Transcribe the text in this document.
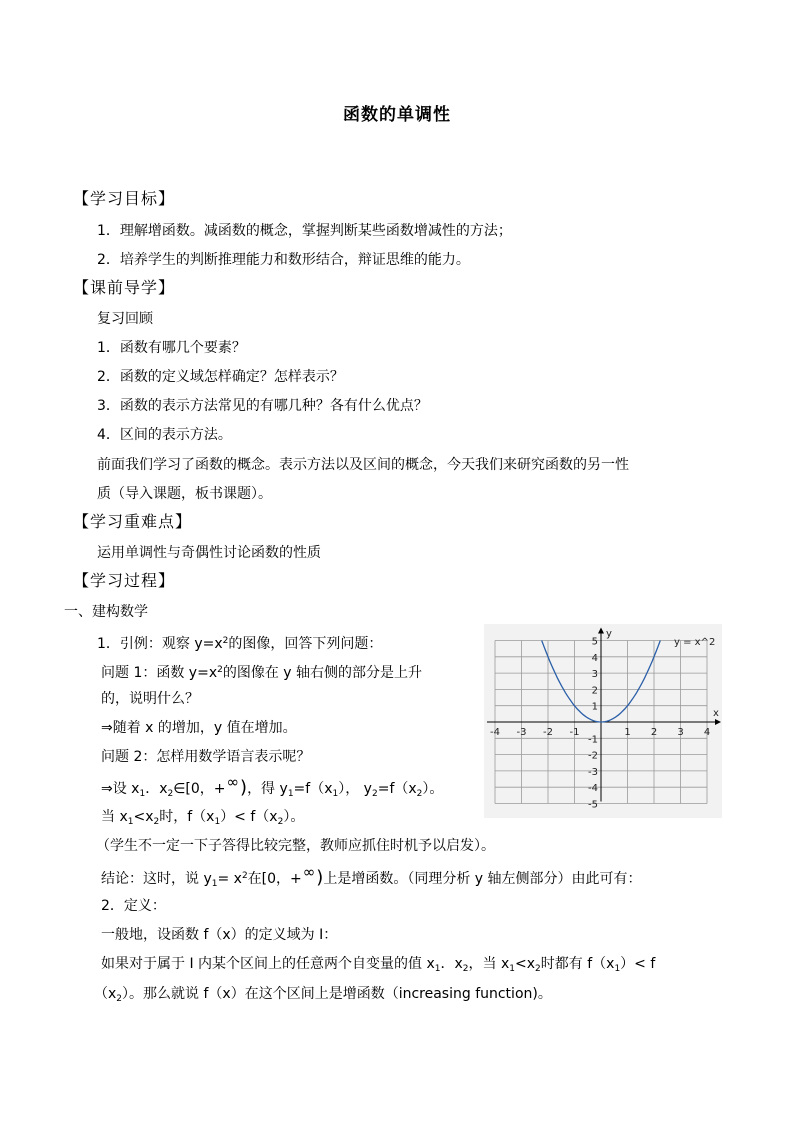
函数的单调性
【学习目标】
1．理解增函数。减函数的概念，掌握判断某些函数增减性的方法；
2．培养学生的判断推理能力和数形结合，辩证思维的能力。
【课前导学】
复习回顾
1．函数有哪几个要素？
2．函数的定义域怎样确定？怎样表示？
3．函数的表示方法常见的有哪几种？各有什么优点？
4．区间的表示方法。
前面我们学习了函数的概念。表示方法以及区间的概念，今天我们来研究函数的另一性
质（导入课题，板书课题）。
【学习重难点】
运用单调性与奇偶性讨论函数的性质
【学习过程】
一、建构数学
1．引例：观察 $y=x^2$的图像，回答下列问题：
问题 1：函数 $y=x^2$的图像在 y 轴右侧的部分是上升
的，说明什么？
⇒随着 x 的增加，y 值在增加。
问题 2：怎样用数学语言表示呢？
⇒设 $x_1$．$x_2\in[0$，+∞)，得 $y_1=f(x_1)$， $y_2=f(x_2)$。
当 $x_1<x_2$时，$f(x_1)< f(x_2)$。
（学生不一定一下子答得比较完整，教师应抓住时机予以启发）。
结论：这时，说 $y_1= x^2$在[0，+∞)上是增函数。（同理分析 y 轴左侧部分）由此可有：
2．定义：
一般地，设函数 f（x）的定义域为 I：
如果对于属于 I 内某个区间上的任意两个自变量的值 $x_1$．$x_2$，当 $x_1<x_2$时都有 $f(x_1)< f$
$(x_2)$。那么就说 f（x）在这个区间上是增函数（increasing function)。
x
y
-4 -3 -2 -1	1 2 3 4
5
4
3
2
1
-1
-2
-3
-4
-5
y = x^2
